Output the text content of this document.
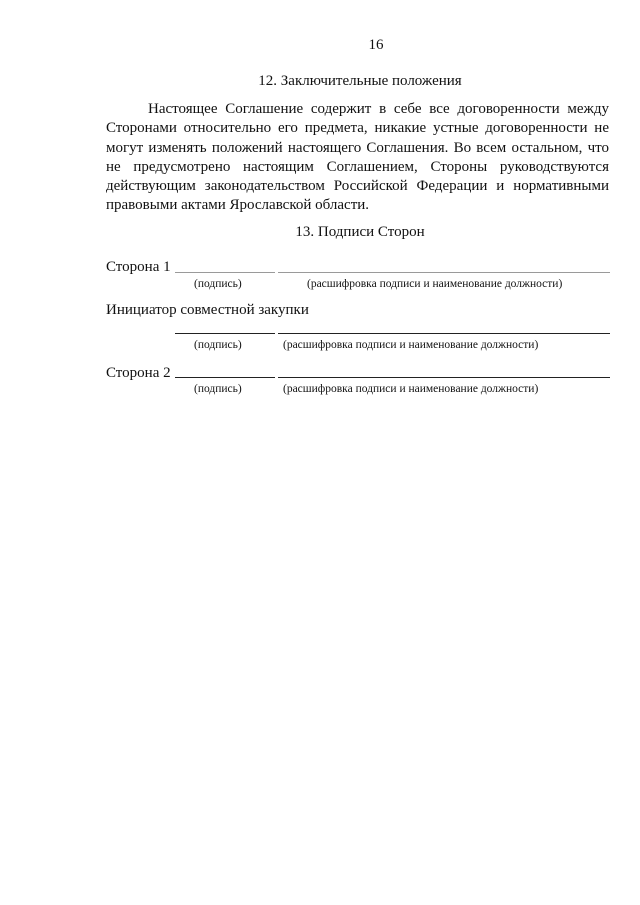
16
12. Заключительные положения
Настоящее Соглашение содержит в себе все договоренности между Сторонами относительно его предмета, никакие устные договоренности не могут изменять положений настоящего Соглашения. Во всем остальном, что не предусмотрено настоящим Соглашением, Стороны руководствуются действующим законодательством Российской Федерации и нормативными правовыми актами Ярославской области.
13. Подписи Сторон
Сторона 1
(подпись)	(расшифровка подписи и наименование должности)
Инициатор совместной закупки
(подпись)	(расшифровка подписи и наименование должности)
Сторона 2
(подпись)	(расшифровка подписи и наименование должности)
